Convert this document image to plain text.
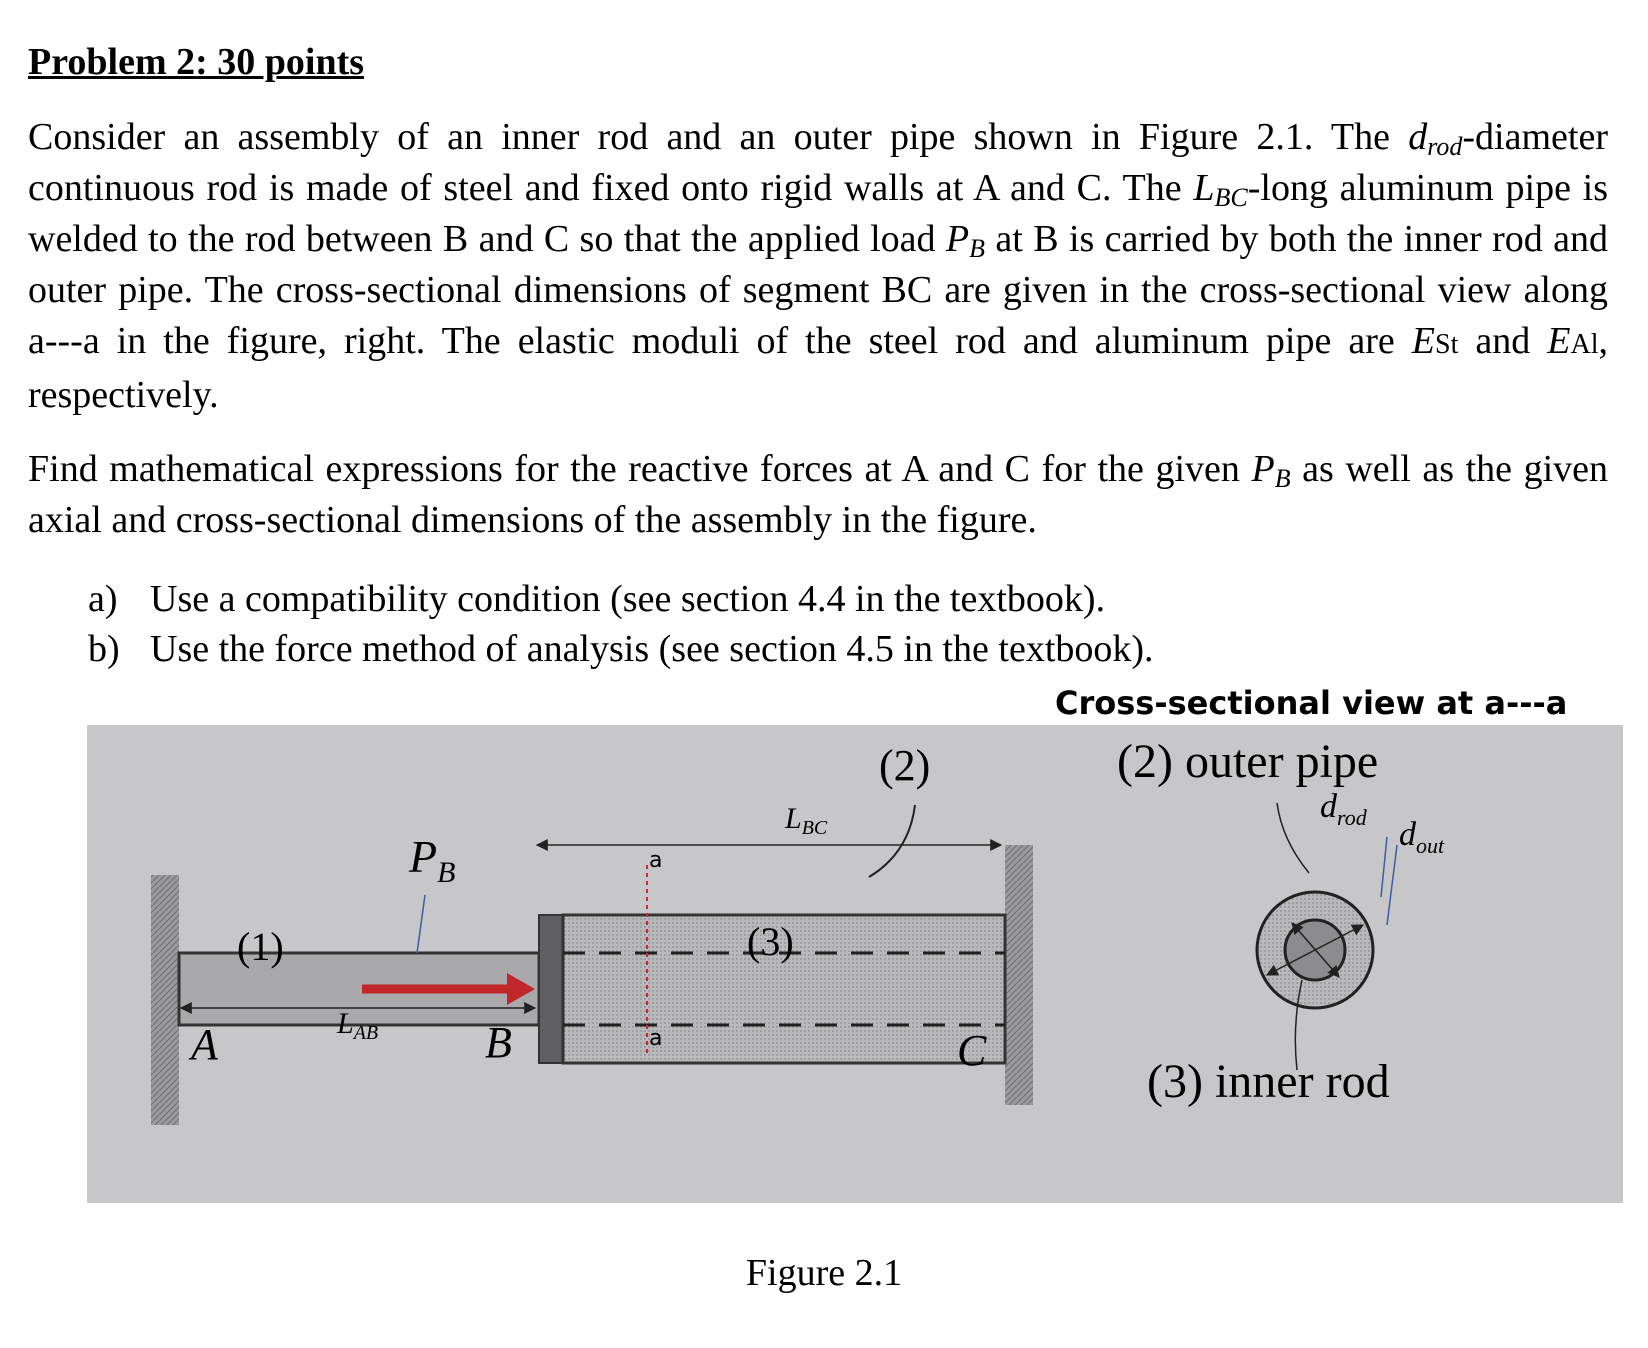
Problem 2: 30 points

Consider an assembly of an inner rod and an outer pipe shown in Figure 2.1. The $d_{rod}$-diameter continuous rod is made of steel and fixed onto rigid walls at A and C. The $L_{BC}$-long aluminum pipe is welded to the rod between B and C so that the applied load $P_B$ at B is carried by both the inner rod and outer pipe. The cross-sectional dimensions of segment BC are given in the cross-sectional view along a---a in the figure, right. The elastic moduli of the steel rod and aluminum pipe are ESt and EAl, respectively.

Find mathematical expressions for the reactive forces at A and C for the given $P_B$ as well as the given axial and cross-sectional dimensions of the assembly in the figure.

a) Use a compatibility condition (see section 4.4 in the textbook).

b) Use the force method of analysis (see section 4.5 in the textbook).

a
a
$P_B$
(1)	(3)
(2)
$L_{AB}$
$L_{BC}$
A	B	C
(2) outer pipe
$d_{rod}$ $d_{out}$
(3) inner rod
Cross-sectional view at a---a

Figure 2.1
